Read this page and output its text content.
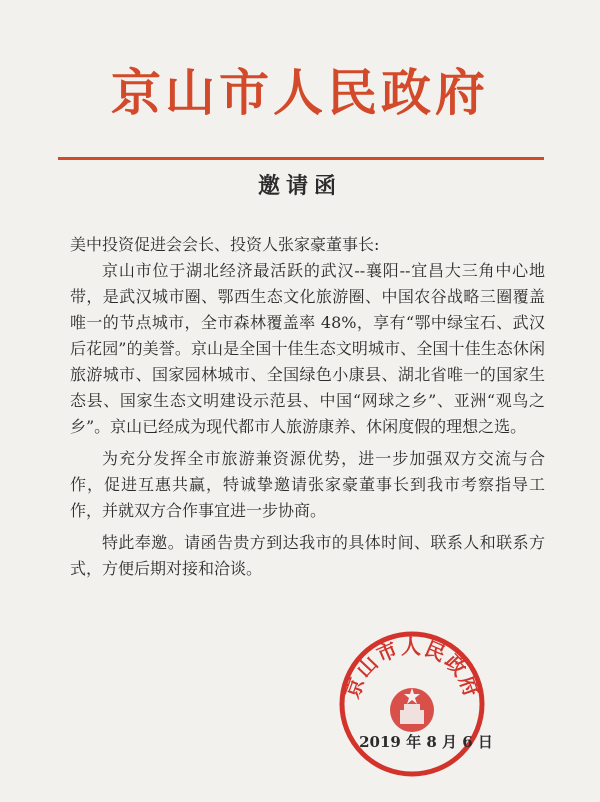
京山市人民政府
邀请函

美中投资促进会会长、投资人张家豪董事长:

京山市位于湖北经济最活跃的武汉--襄阳--宜昌大三角中心地带，是武汉城市圈、鄂西生态文化旅游圈、中国农谷战略三圈覆盖唯一的节点城市，全市森林覆盖率 48%，享有“鄂中绿宝石、武汉后花园”的美誉。京山是全国十佳生态文明城市、全国十佳生态休闲旅游城市、国家园林城市、全国绿色小康县、湖北省唯一的国家生态县、国家生态文明建设示范县、中国“网球之乡”、亚洲“观鸟之乡”。京山已经成为现代都市人旅游康养、休闲度假的理想之选。

为充分发挥全市旅游兼资源优势，进一步加强双方交流与合作，促进互惠共赢，特诚挚邀请张家豪董事长到我市考察指导工作，并就双方合作事宜进一步协商。

特此奉邀。请函告贵方到达我市的具体时间、联系人和联系方式，方便后期对接和洽谈。

京山市人民政府
2019 年 8 月 6 日
